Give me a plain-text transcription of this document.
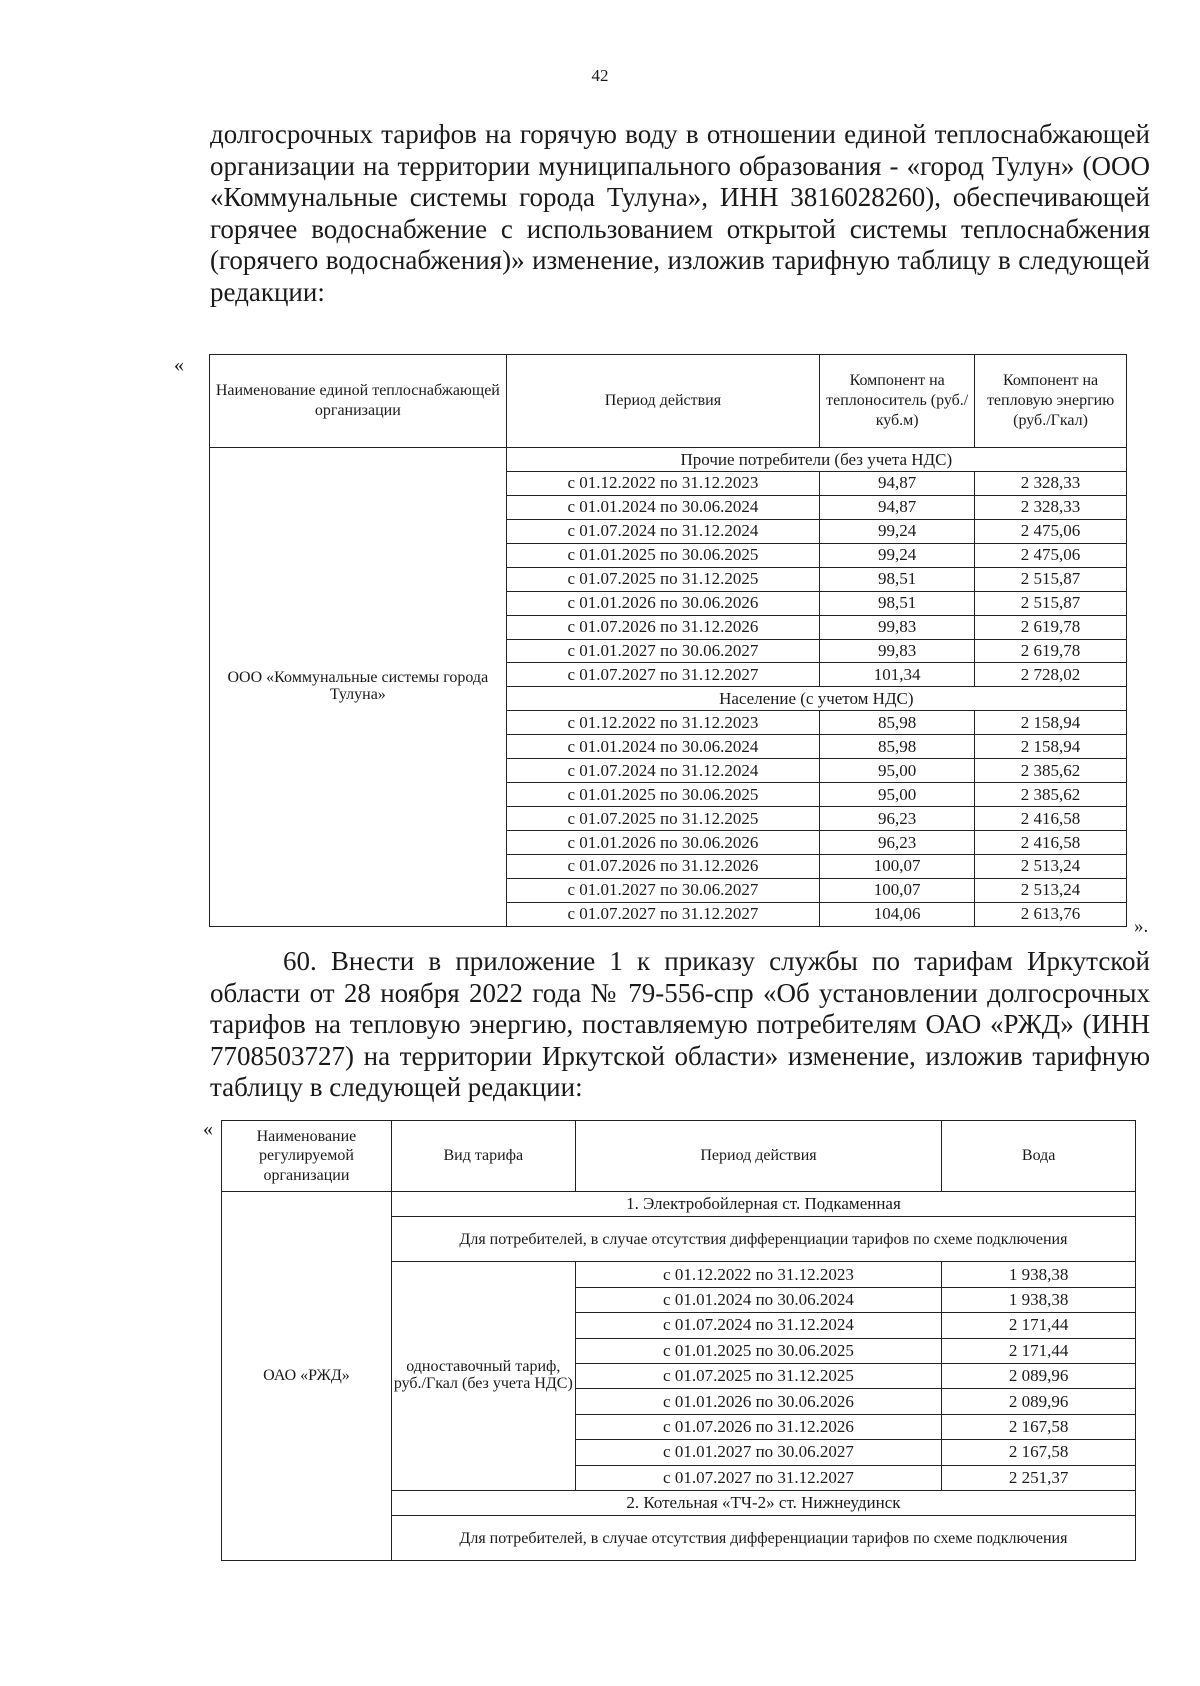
42

долгосрочных тарифов на горячую воду в отношении единой теплоснабжающей организации на территории муниципального образования - «город Тулун» (ООО «Коммунальные системы города Тулуна», ИНН 3816028260), обеспечивающей горячее водоснабжение с использованием открытой системы теплоснабжения (горячего водоснабжения)» изменение, изложив тарифную таблицу в следующей редакции:

«
Наименование единой теплоснабжающей организации	Период действия	Компонент на теплоноситель (руб./куб.м)	Компонент на тепловую энергию (руб./Гкал)
ООО «Коммунальные системы города Тулуна»	Прочие потребители (без учета НДС)		
	с 01.12.2022 по 31.12.2023	94,87	2 328,33
	с 01.01.2024 по 30.06.2024	94,87	2 328,33
	с 01.07.2024 по 31.12.2024	99,24	2 475,06
	с 01.01.2025 по 30.06.2025	99,24	2 475,06
	с 01.07.2025 по 31.12.2025	98,51	2 515,87
	с 01.01.2026 по 30.06.2026	98,51	2 515,87
	с 01.07.2026 по 31.12.2026	99,83	2 619,78
	с 01.01.2027 по 30.06.2027	99,83	2 619,78
	с 01.07.2027 по 31.12.2027	101,34	2 728,02
	Население (с учетом НДС)		
	с 01.12.2022 по 31.12.2023	85,98	2 158,94
	с 01.01.2024 по 30.06.2024	85,98	2 158,94
	с 01.07.2024 по 31.12.2024	95,00	2 385,62
	с 01.01.2025 по 30.06.2025	95,00	2 385,62
	с 01.07.2025 по 31.12.2025	96,23	2 416,58
	с 01.01.2026 по 30.06.2026	96,23	2 416,58
	с 01.07.2026 по 31.12.2026	100,07	2 513,24
	с 01.01.2027 по 30.06.2027	100,07	2 513,24
	с 01.07.2027 по 31.12.2027	104,06	2 613,76
».

60. Внести в приложение 1 к приказу службы по тарифам Иркутской области от 28 ноября 2022 года № 79-556-спр «Об установлении долгосрочных тарифов на тепловую энергию, поставляемую потребителям ОАО «РЖД» (ИНН 7708503727) на территории Иркутской области» изменение, изложив тарифную таблицу в следующей редакции:

«	Наименование регулируемой организации	Вид тарифа	Период действия	Вода
ОАО «РЖД»	1. Электробойлерная ст. Подкаменная		
	Для потребителей, в случае отсутствия дифференциации тарифов по схеме подключения		
	одноставочный тариф, руб./Гкал (без учета НДС)	с 01.12.2022 по 31.12.2023	1 938,38
		с 01.01.2024 по 30.06.2024	1 938,38
		с 01.07.2024 по 31.12.2024	2 171,44
		с 01.01.2025 по 30.06.2025	2 171,44
		с 01.07.2025 по 31.12.2025	2 089,96
		с 01.01.2026 по 30.06.2026	2 089,96
		с 01.07.2026 по 31.12.2026	2 167,58
		с 01.01.2027 по 30.06.2027	2 167,58
		с 01.07.2027 по 31.12.2027	2 251,37
	2. Котельная «ТЧ-2» ст. Нижнеудинск		
	Для потребителей, в случае отсутствия дифференциации тарифов по схеме подключения		
